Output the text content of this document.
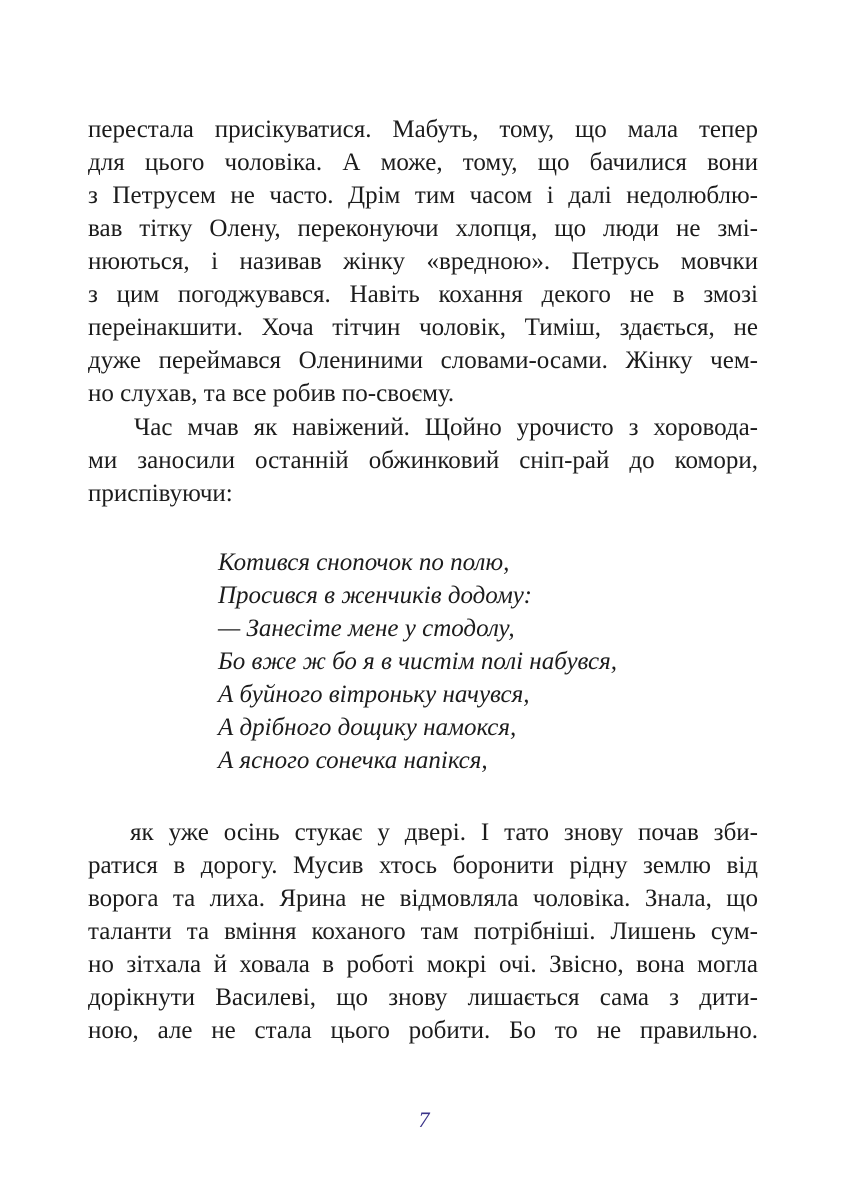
перестала присікуватися. Мабуть, тому, що мала тепер
для цього чоловіка. А може, тому, що бачилися вони
з Петрусем не часто. Дрім тим часом і далі недолюблю-
вав тітку Олену, переконуючи хлопця, що люди не змі-
нюються, і називав жінку «вредною». Петрусь мовчки
з цим погоджувався. Навіть кохання декого не в змозі
переінакшити. Хоча тітчин чоловік, Тиміш, здається, не
дуже переймався Олениними словами-осами. Жінку чем-
но слухав, та все робив по-своєму.
Час мчав як навіжений. Щойно урочисто з хоровода-
ми заносили останній обжинковий сніп-рай до комори,
приспівуючи:
Котився снопочок по полю,
Просився в женчиків додому:
— Занесіте мене у стодолу,
Бо вже ж бо я в чистім полі набувся,
А буйного вітроньку начувся,
А дрібного дощику намокся,
А ясного сонечка напікся,
як уже осінь стукає у двері. І тато знову почав зби-
ратися в дорогу. Мусив хтось боронити рідну землю від
ворога та лиха. Ярина не відмовляла чоловіка. Знала, що
таланти та вміння коханого там потрібніші. Лишень сум-
но зітхала й ховала в роботі мокрі очі. Звісно, вона могла
дорікнути Василеві, що знову лишається сама з дити-
ною, але не стала цього робити. Бо то не правильно.
7
